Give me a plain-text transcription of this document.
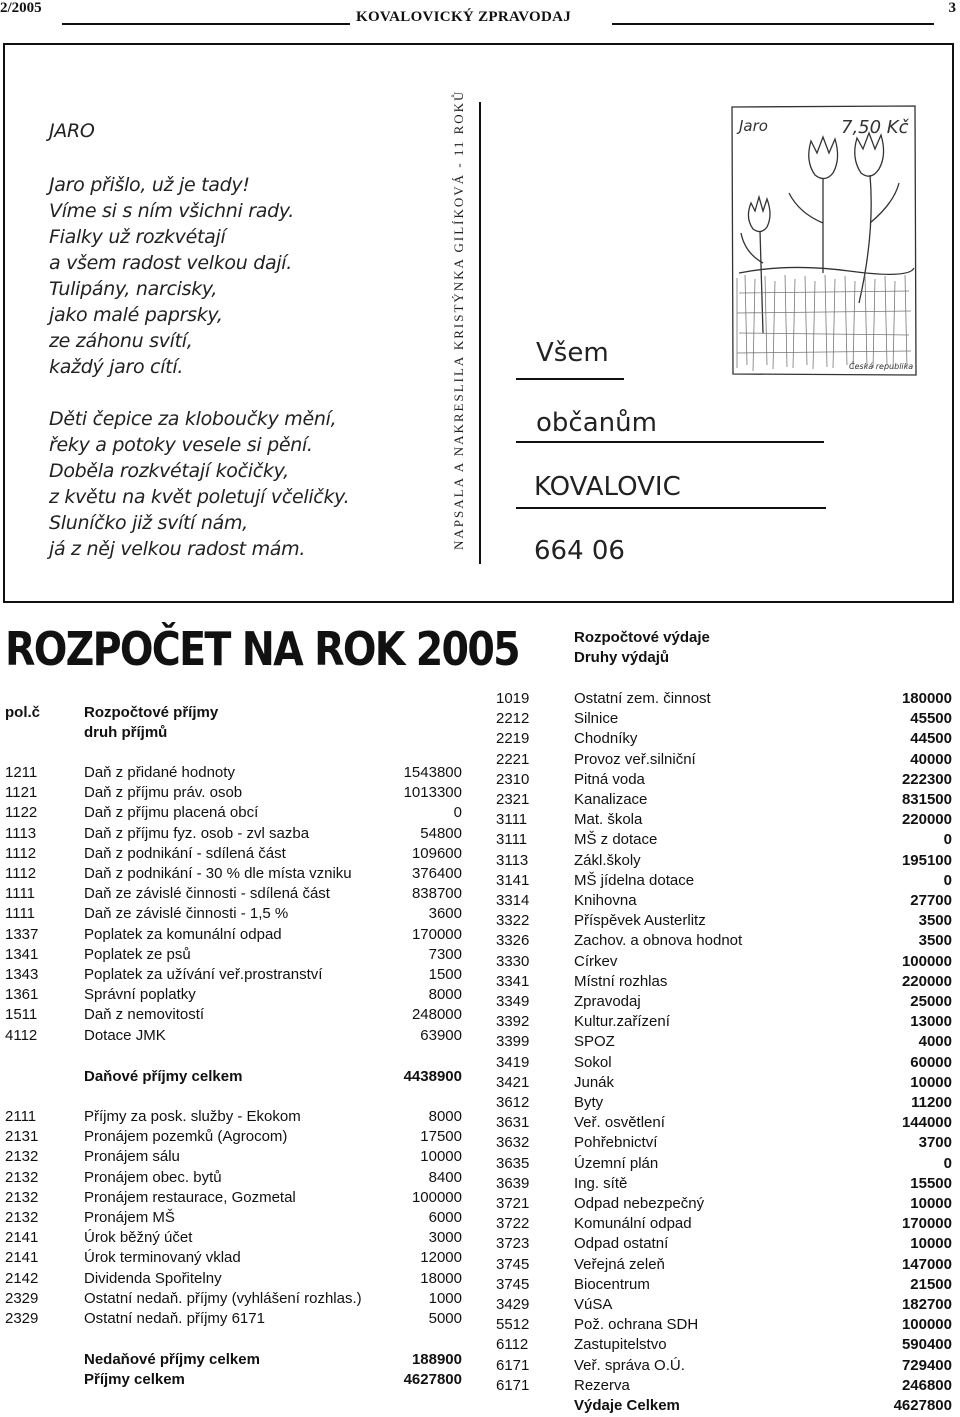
2/2005
KOVALOVICKÝ ZPRAVODAJ
3
JARO
Jaro přišlo, už je tady!
Víme si s ním všichni rady.
Fialky už rozkvétají
a všem radost velkou dají.
Tulipány, narcisky,
jako malé paprsky,
ze záhonu svítí,
každý jaro cítí.
Děti čepice za kloboučky mění,
řeky a potoky vesele si pění.
Doběla rozkvétají kočičky,
z květu na květ poletují včeličky.
Sluníčko již svítí nám,
já z něj velkou radost mám.	NAPSALA A NAKRESLILA KRISTÝNKA GILÍKOVÁ - 11 ROKŮ	Jaro	7,50 Kč
Česká republika
Všem
občanům
KOVALOVIC
664 06
ROZPOČET NA ROK 2005
pol.č	Rozpočtové příjmy
druh příjmů
1211	Daň z přidané hodnoty	1543800
1121	Daň z příjmu práv. osob	1013300
1122	Daň z příjmu placená obcí	0
1113	Daň z příjmu fyz. osob - zvl sazba	54800
1112	Daň z podnikání - sdílená část	109600
1112	Daň z podnikání - 30 % dle místa vzniku	376400
1111	Daň ze závislé činnosti - sdílená část	838700
1111	Daň ze závislé činnosti - 1,5 %	3600
1337	Poplatek za komunální odpad	170000
1341	Poplatek ze psů	7300
1343	Poplatek za užívání veř.prostranství	1500
1361	Správní poplatky	8000
1511	Daň z nemovitostí	248000
4112	Dotace JMK	63900
Daňové příjmy celkem	4438900
2111	Příjmy za posk. služby - Ekokom	8000
2131	Pronájem pozemků (Agrocom)	17500
2132	Pronájem sálu	10000
2132	Pronájem obec. bytů	8400
2132	Pronájem restaurace, Gozmetal	100000
2132	Pronájem MŠ	6000
2141	Úrok běžný účet	3000
2141	Úrok terminovaný vklad	12000
2142	Dividenda Spořitelny	18000
2329	Ostatní nedaň. příjmy (vyhlášení rozhlas.)	1000
2329	Ostatní nedaň. příjmy 6171	5000
Nedaňové příjmy celkem	188900
Příjmy celkem	4627800
Rozpočtové výdaje
Druhy výdajů
1019	Ostatní zem. činnost	180000
2212	Silnice	45500
2219	Chodníky	44500
2221	Provoz veř.silniční	40000
2310	Pitná voda	222300
2321	Kanalizace	831500
3111	Mat. škola	220000
3111	MŠ z dotace	0
3113	Zákl.školy	195100
3141	MŠ jídelna dotace	0
3314	Knihovna	27700
3322	Příspěvek Austerlitz	3500
3326	Zachov. a obnova hodnot	3500
3330	Církev	100000
3341	Místní rozhlas	220000
3349	Zpravodaj	25000
3392	Kultur.zařízení	13000
3399	SPOZ	4000
3419	Sokol	60000
3421	Junák	10000
3612	Byty	11200
3631	Veř. osvětlení	144000
3632	Pohřebnictví	3700
3635	Územní plán	0
3639	Ing. sítě	15500
3721	Odpad nebezpečný	10000
3722	Komunální odpad	170000
3723	Odpad ostatní	10000
3745	Veřejná zeleň	147000
3745	Biocentrum	21500
3429	VúSA	182700
5512	Pož. ochrana SDH	100000
6112	Zastupitelstvo	590400
6171	Veř. správa O.Ú.	729400
6171	Rezerva	246800
Výdaje Celkem	4627800
